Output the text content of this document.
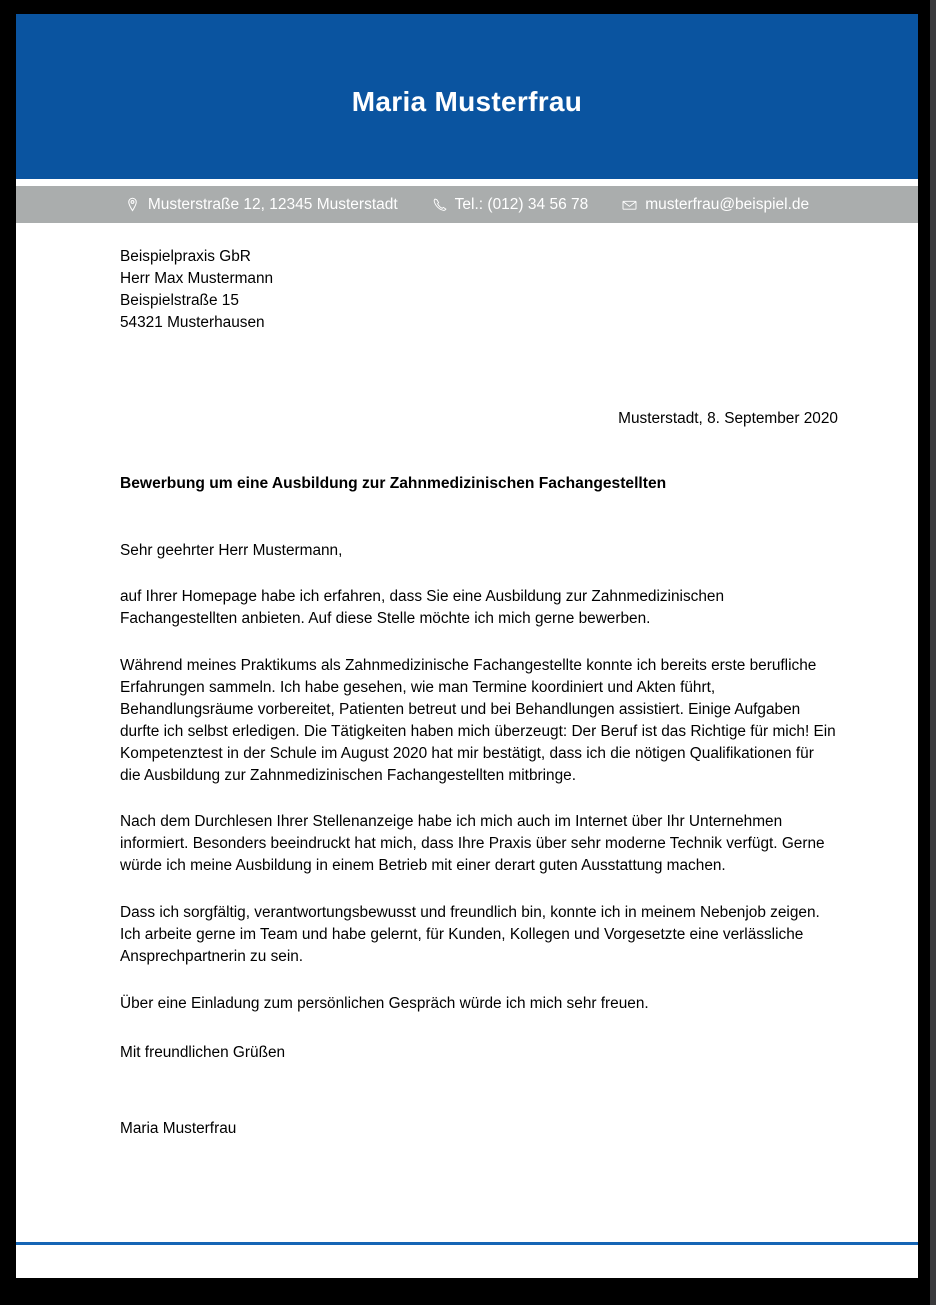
Maria Musterfrau
Musterstraße 12, 12345 Musterstadt	Tel.: (012) 34 56 78	musterfrau@beispiel.de
Beispielpraxis GbR
Herr Max Mustermann
Beispielstraße 15
54321 Musterhausen
Musterstadt, 8. September 2020
Bewerbung um eine Ausbildung zur Zahnmedizinischen Fachangestellten
Sehr geehrter Herr Mustermann,
auf Ihrer Homepage habe ich erfahren, dass Sie eine Ausbildung zur Zahnmedizinischen Fachangestellten anbieten. Auf diese Stelle möchte ich mich gerne bewerben.
Während meines Praktikums als Zahnmedizinische Fachangestellte konnte ich bereits erste berufliche Erfahrungen sammeln. Ich habe gesehen, wie man Termine koordiniert und Akten führt, Behandlungsräume vorbereitet, Patienten betreut und bei Behandlungen assistiert. Einige Aufgaben durfte ich selbst erledigen. Die Tätigkeiten haben mich überzeugt: Der Beruf ist das Richtige für mich! Ein Kompetenztest in der Schule im August 2020 hat mir bestätigt, dass ich die nötigen Qualifikationen für die Ausbildung zur Zahnmedizinischen Fachangestellten mitbringe.
Nach dem Durchlesen Ihrer Stellenanzeige habe ich mich auch im Internet über Ihr Unternehmen informiert. Besonders beeindruckt hat mich, dass Ihre Praxis über sehr moderne Technik verfügt. Gerne würde ich meine Ausbildung in einem Betrieb mit einer derart guten Ausstattung machen.
Dass ich sorgfältig, verantwortungsbewusst und freundlich bin, konnte ich in meinem Nebenjob zeigen. Ich arbeite gerne im Team und habe gelernt, für Kunden, Kollegen und Vorgesetzte eine verlässliche Ansprechpartnerin zu sein.
Über eine Einladung zum persönlichen Gespräch würde ich mich sehr freuen.
Mit freundlichen Grüßen
Maria Musterfrau
